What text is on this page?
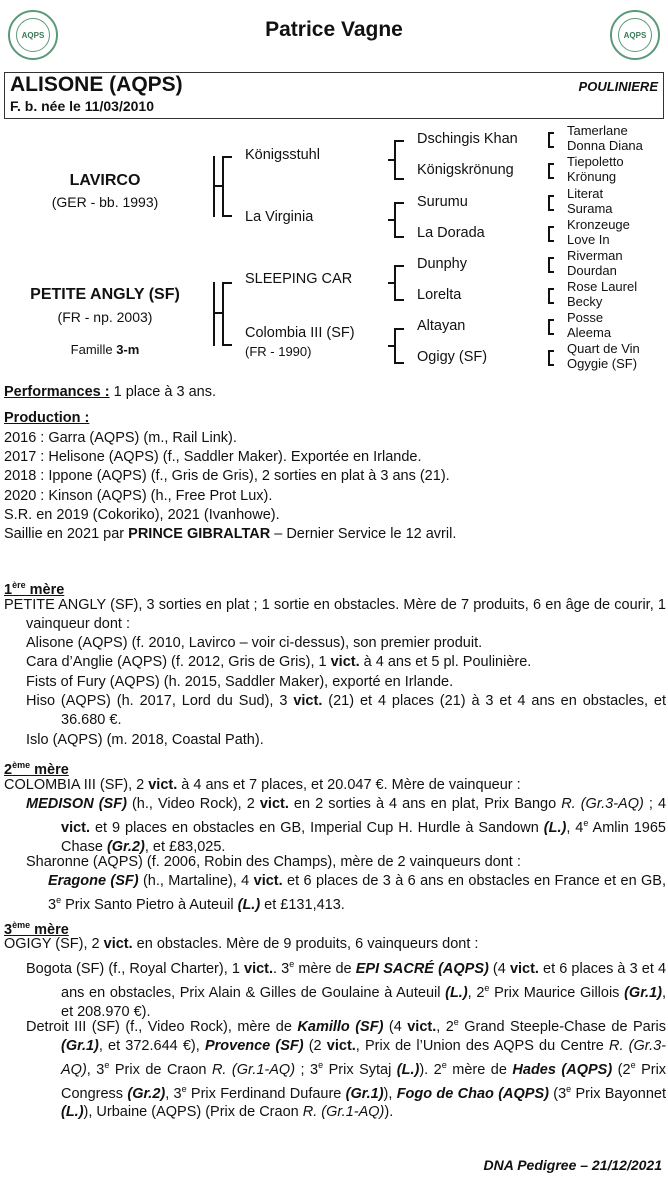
AQPS	Patrice Vagne	AQPS
ALISONE (AQPS)
F. b. née le 11/03/2010
POULINIERE
LAVIRCO
(GER - bb. 1993)
PETITE ANGLY (SF)
(FR - np. 2003)
Famille 3-m
Königsstuhl
La Virginia
SLEEPING CAR
Colombia III (SF)
(FR - 1990)
Dschingis Khan
Königskrönung
Surumu
La Dorada
Dunphy
Lorelta
Altayan
Ogigy (SF)
Tamerlane
Donna Diana
Tiepoletto
Krönung
Literat
Surama
Kronzeuge
Love In
Riverman
Dourdan
Rose Laurel
Becky
Posse
Aleema
Quart de Vin
Ogygie (SF)
Performances : 1 place à 3 ans.
Production :
2016 : Garra (AQPS) (m., Rail Link).
2017 : Helisone (AQPS) (f., Saddler Maker). Exportée en Irlande.
2018 : Ippone (AQPS) (f., Gris de Gris), 2 sorties en plat à 3 ans (21).
2020 : Kinson (AQPS) (h., Free Prot Lux).
S.R. en 2019 (Cokoriko), 2021 (Ivanhowe).
Saillie en 2021 par PRINCE GIBRALTAR – Dernier Service le 12 avril.
1ère mère
PETITE ANGLY (SF), 3 sorties en plat ; 1 sortie en obstacles. Mère de 7 produits, 6 en âge de courir, 1 vainqueur dont :
Alisone (AQPS) (f. 2010, Lavirco – voir ci-dessus), son premier produit.
Cara d’Anglie (AQPS) (f. 2012, Gris de Gris), 1 vict. à 4 ans et 5 pl. Poulinière.
Fists of Fury (AQPS) (h. 2015, Saddler Maker), exporté en Irlande.
Hiso (AQPS) (h. 2017, Lord du Sud), 3 vict. (21) et 4 places (21) à 3 et 4 ans en obstacles, et 36.680 €.
Islo (AQPS) (m. 2018, Coastal Path).
2ème mère
COLOMBIA III (SF), 2 vict. à 4 ans et 7 places, et 20.047 €. Mère de vainqueur :
MEDISON (SF) (h., Video Rock), 2 vict. en 2 sorties à 4 ans en plat, Prix Bango R. (Gr.3-AQ) ; 4 vict. et 9 places en obstacles en GB, Imperial Cup H. Hurdle à Sandown (L.), 4e Amlin 1965 Chase (Gr.2), et £83,025.
Sharonne (AQPS) (f. 2006, Robin des Champs), mère de 2 vainqueurs dont :
Eragone (SF) (h., Martaline), 4 vict. et 6 places de 3 à 6 ans en obstacles en France et en GB, 3e Prix Santo Pietro à Auteuil (L.) et £131,413.
3ème mère
OGIGY (SF), 2 vict. en obstacles. Mère de 9 produits, 6 vainqueurs dont :
Bogota (SF) (f., Royal Charter), 1 vict.. 3e mère de EPI SACRÉ (AQPS) (4 vict. et 6 places à 3 et 4 ans en obstacles, Prix Alain & Gilles de Goulaine à Auteuil (L.), 2e Prix Maurice Gillois (Gr.1), et 208.970 €).
Detroit III (SF) (f., Video Rock), mère de Kamillo (SF) (4 vict., 2e Grand Steeple-Chase de Paris (Gr.1), et 372.644 €), Provence (SF) (2 vict., Prix de l’Union des AQPS du Centre R. (Gr.3-AQ), 3e Prix de Craon R. (Gr.1-AQ) ; 3e Prix Sytaj (L.)). 2e mère de Hades (AQPS) (2e Prix Congress (Gr.2), 3e Prix Ferdinand Dufaure (Gr.1)), Fogo de Chao (AQPS) (3e Prix Bayonnet (L.)), Urbaine (AQPS) (Prix de Craon R. (Gr.1-AQ)).
DNA Pedigree – 21/12/2021
